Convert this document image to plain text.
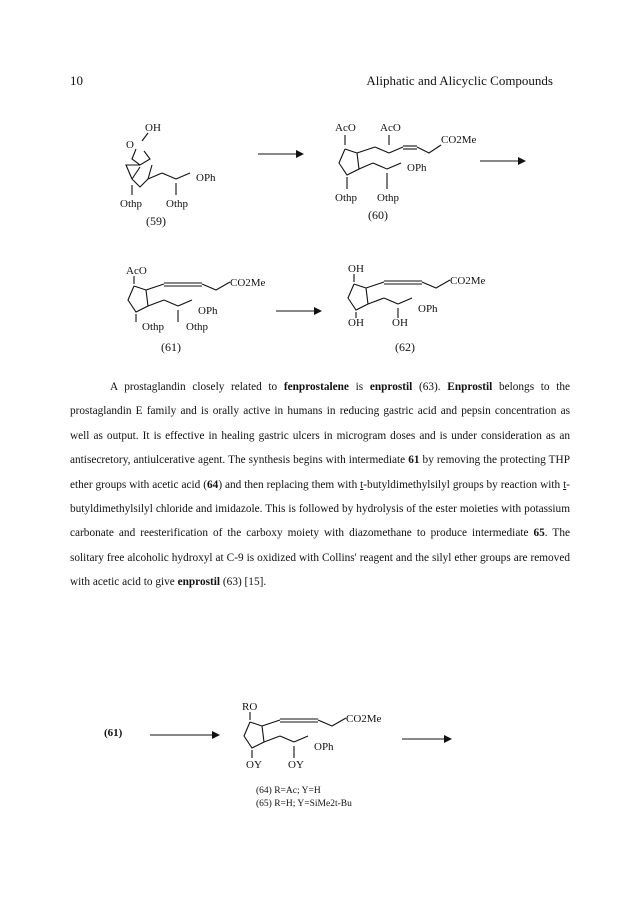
10	Aliphatic and Alicyclic Compounds
OH
O
OPh
Othp Othp
(59)
AcO AcO
CO2Me
OPh
Othp Othp
(60)
AcO
CO2Me
OPh
Othp Othp
(61)
OH
CO2Me
OPh
OH	OH
(62)

A prostaglandin closely related to fenprostalene is enprostil (63). Enprostil belongs to the prostaglandin E family and is orally active in humans in reducing gastric acid and pepsin concentration as well as output. It is effective in healing gastric ulcers in microgram doses and is under consideration as an antisecretory, antiulcerative agent. The synthesis begins with intermediate 61 by removing the protecting THP ether groups with acetic acid (64) and then replacing them with t-butyldimethylsilyl groups by reaction with t-butyldimethylsilyl chloride and imidazole. This is followed by hydrolysis of the ester moieties with potassium carbonate and reesterification of the carboxy moiety with diazomethane to produce intermediate 65. The solitary free alcoholic hydroxyl at C-9 is oxidized with Collins' reagent and the silyl ether groups are removed with acetic acid to give enprostil (63) [15].

(61)
RO
CO2Me
OPh
OY OY
(64) R=Ac; Y=H
(65) R=H; Y=SiMe2t-Bu
